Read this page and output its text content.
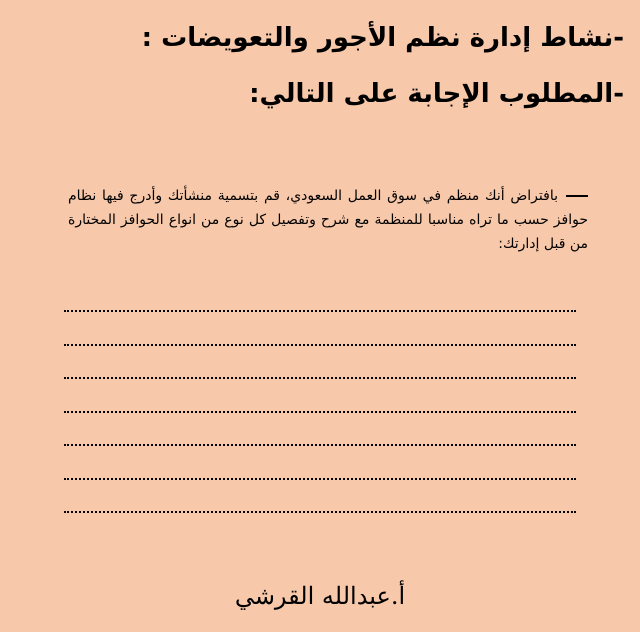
-نشاط إدارة نظم الأجور والتعويضات :
-المطلوب الإجابة على التالي:
بافتراض أنك منظم في سوق العمل السعودي، قم بتسمية منشأتك وأدرج فيها نظام حوافز حسب ما تراه مناسبا للمنظمة مع شرح وتفصيل كل نوع من انواع الحوافز المختارة من قبل إدارتك:
أ.عبدالله القرشي
